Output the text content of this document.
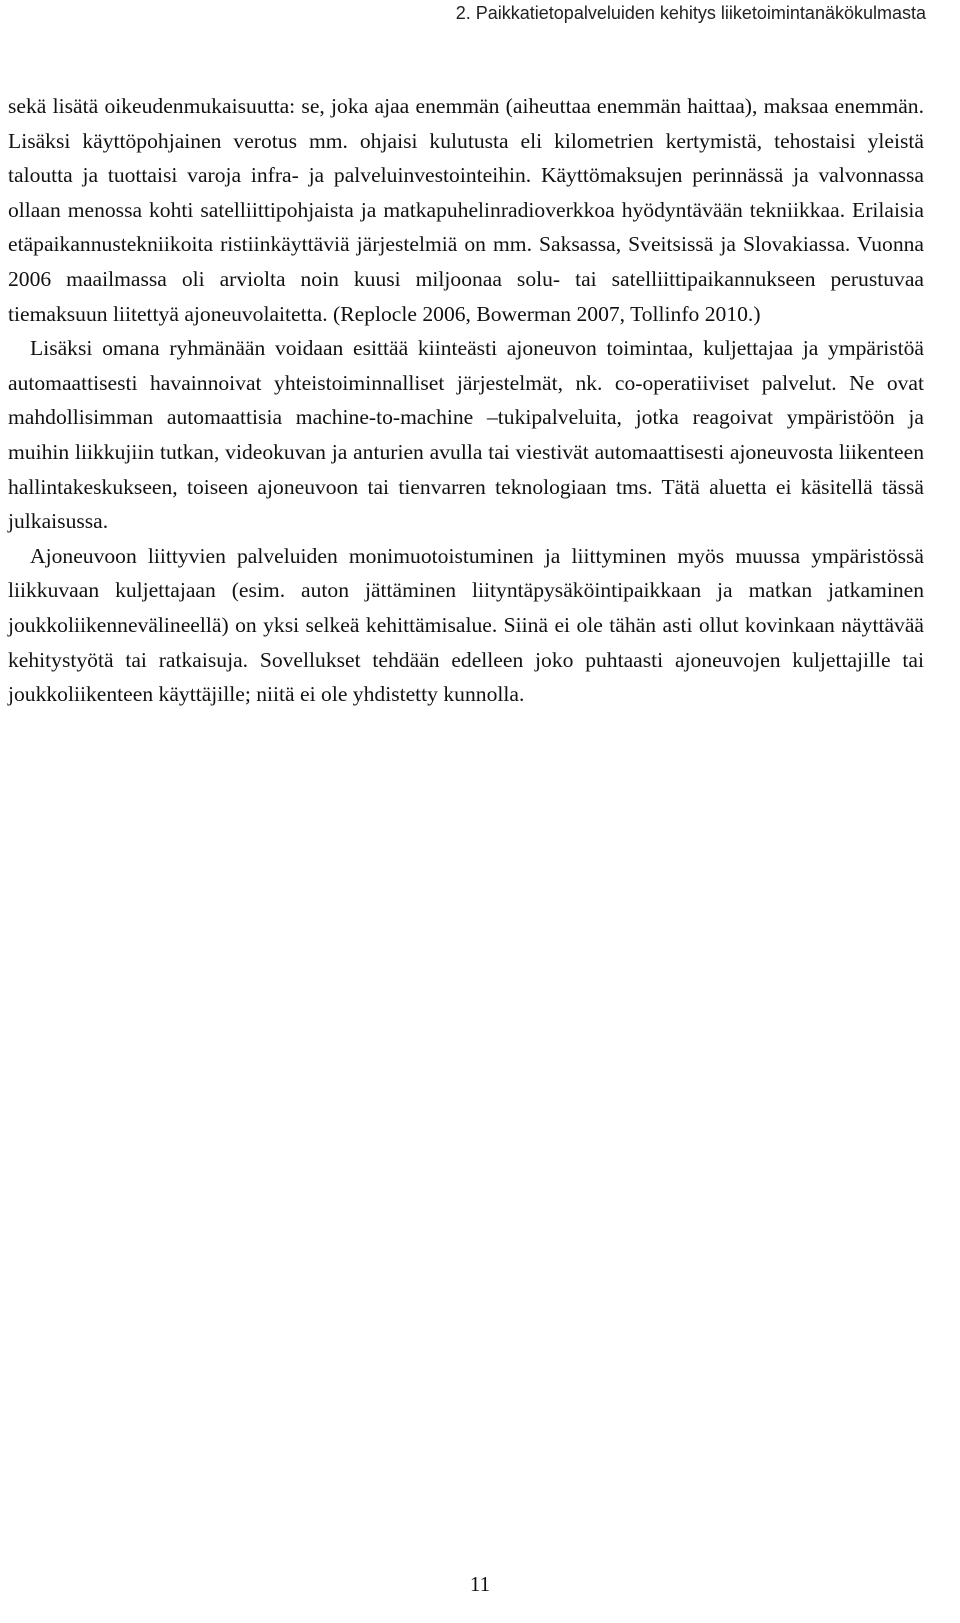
2. Paikkatietopalveluiden kehitys liiketoimintanäkökulmasta

sekä lisätä oikeudenmukaisuutta: se, joka ajaa enemmän (aiheuttaa enemmän haittaa), maksaa enemmän. Lisäksi käyttöpohjainen verotus mm. ohjaisi kulutusta eli kilometrien kertymistä, tehostaisi yleistä taloutta ja tuottaisi varoja infra- ja palveluinvestointeihin. Käyttömaksujen perinnässä ja valvonnassa ollaan menossa kohti satelliittipohjaista ja matkapuhelinradioverkkoa hyödyntävään tekniikkaa. Erilaisia etäpaikannustekniikoita ristiinkäyttäviä järjestelmiä on mm. Saksassa, Sveitsissä ja Slovakiassa. Vuonna 2006 maailmassa oli arviolta noin kuusi miljoonaa solu- tai satelliittipaikannukseen perustuvaa tiemaksuun liitettyä ajoneuvolaitetta. (Replocle 2006, Bowerman 2007, Tollinfo 2010.)

Lisäksi omana ryhmänään voidaan esittää kiinteästi ajoneuvon toimintaa, kuljettajaa ja ympäristöä automaattisesti havainnoivat yhteistoiminnalliset järjestelmät, nk. co-operatiiviset palvelut. Ne ovat mahdollisimman automaattisia machine-to-machine –tukipalveluita, jotka reagoivat ympäristöön ja muihin liikkujiin tutkan, videokuvan ja anturien avulla tai viestivät automaattisesti ajoneuvosta liikenteen hallintakeskukseen, toiseen ajoneuvoon tai tienvarren teknologiaan tms. Tätä aluetta ei käsitellä tässä julkaisussa.

Ajoneuvoon liittyvien palveluiden monimuotoistuminen ja liittyminen myös muussa ympäristössä liikkuvaan kuljettajaan (esim. auton jättäminen liityntäpysäköintipaikkaan ja matkan jatkaminen joukkoliikennevälineellä) on yksi selkeä kehittämisalue. Siinä ei ole tähän asti ollut kovinkaan näyttävää kehitystyötä tai ratkaisuja. Sovellukset tehdään edelleen joko puhtaasti ajoneuvojen kuljettajille tai joukkoliikenteen käyttäjille; niitä ei ole yhdistetty kunnolla.

11
